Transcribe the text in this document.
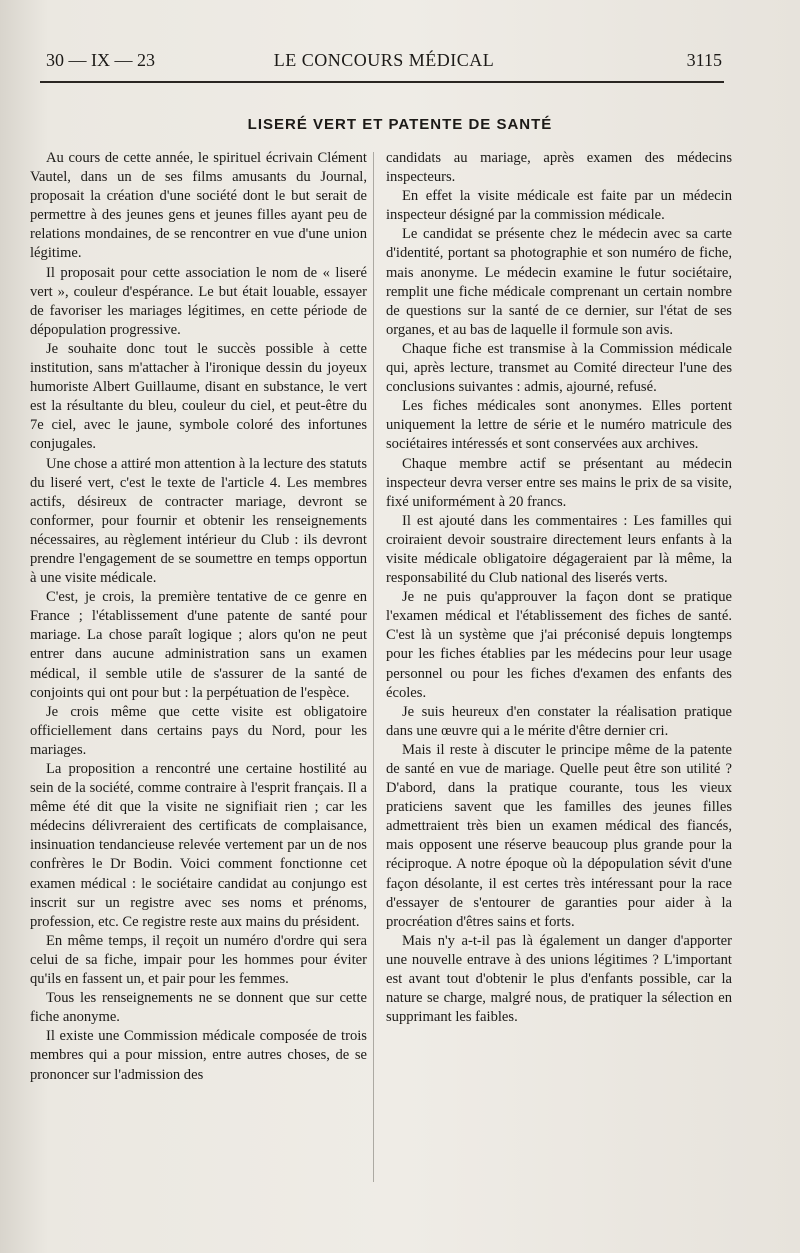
30 — IX — 23	LE CONCOURS MÉDICAL	3115
LISERÉ VERT ET PATENTE DE SANTÉ

Au cours de cette année, le spirituel écrivain Clément Vautel, dans un de ses films amusants du Journal, proposait la création d'une société dont le but serait de permettre à des jeunes gens et jeunes filles ayant peu de relations mondaines, de se rencontrer en vue d'une union légitime.

Il proposait pour cette association le nom de « liseré vert », couleur d'espérance. Le but était louable, essayer de favoriser les mariages légitimes, en cette période de dépopulation progressive.

Je souhaite donc tout le succès possible à cette institution, sans m'attacher à l'ironique dessin du joyeux humoriste Albert Guillaume, disant en substance, le vert est la résultante du bleu, couleur du ciel, et peut-être du 7e ciel, avec le jaune, symbole coloré des infortunes conjugales.

Une chose a attiré mon attention à la lecture des statuts du liseré vert, c'est le texte de l'article 4. Les membres actifs, désireux de contracter mariage, devront se conformer, pour fournir et obtenir les renseignements nécessaires, au règlement intérieur du Club : ils devront prendre l'engagement de se soumettre en temps opportun à une visite médicale.

C'est, je crois, la première tentative de ce genre en France ; l'établissement d'une patente de santé pour mariage. La chose paraît logique ; alors qu'on ne peut entrer dans aucune administration sans un examen médical, il semble utile de s'assurer de la santé de conjoints qui ont pour but : la perpétuation de l'espèce.

Je crois même que cette visite est obligatoire officiellement dans certains pays du Nord, pour les mariages.

La proposition a rencontré une certaine hostilité au sein de la société, comme contraire à l'esprit français. Il a même été dit que la visite ne signifiait rien ; car les médecins délivreraient des certificats de complaisance, insinuation tendancieuse relevée vertement par un de nos confrères le Dr Bodin. Voici comment fonctionne cet examen médical : le sociétaire candidat au conjungo est inscrit sur un registre avec ses noms et prénoms, profession, etc. Ce registre reste aux mains du président.

En même temps, il reçoit un numéro d'ordre qui sera celui de sa fiche, impair pour les hommes pour éviter qu'ils en fassent un, et pair pour les femmes.

Tous les renseignements ne se donnent que sur cette fiche anonyme.

Il existe une Commission médicale composée de trois membres qui a pour mission, entre autres choses, de se prononcer sur l'admission des

candidats au mariage, après examen des médecins inspecteurs.

En effet la visite médicale est faite par un médecin inspecteur désigné par la commission médicale.

Le candidat se présente chez le médecin avec sa carte d'identité, portant sa photographie et son numéro de fiche, mais anonyme. Le médecin examine le futur sociétaire, remplit une fiche médicale comprenant un certain nombre de questions sur la santé de ce dernier, sur l'état de ses organes, et au bas de laquelle il formule son avis.

Chaque fiche est transmise à la Commission médicale qui, après lecture, transmet au Comité directeur l'une des conclusions suivantes : admis, ajourné, refusé.

Les fiches médicales sont anonymes. Elles portent uniquement la lettre de série et le numéro matricule des sociétaires intéressés et sont conservées aux archives.

Chaque membre actif se présentant au médecin inspecteur devra verser entre ses mains le prix de sa visite, fixé uniformément à 20 francs.

Il est ajouté dans les commentaires : Les familles qui croiraient devoir soustraire directement leurs enfants à la visite médicale obligatoire dégageraient par là même, la responsabilité du Club national des liserés verts.

Je ne puis qu'approuver la façon dont se pratique l'examen médical et l'établissement des fiches de santé. C'est là un système que j'ai préconisé depuis longtemps pour les fiches établies par les médecins pour leur usage personnel ou pour les fiches d'examen des enfants des écoles.

Je suis heureux d'en constater la réalisation pratique dans une œuvre qui a le mérite d'être dernier cri.

Mais il reste à discuter le principe même de la patente de santé en vue de mariage. Quelle peut être son utilité ? D'abord, dans la pratique courante, tous les vieux praticiens savent que les familles des jeunes filles admettraient très bien un examen médical des fiancés, mais opposent une réserve beaucoup plus grande pour la réciproque. A notre époque où la dépopulation sévit d'une façon désolante, il est certes très intéressant pour la race d'essayer de s'entourer de garanties pour aider à la procréation d'êtres sains et forts.

Mais n'y a-t-il pas là également un danger d'apporter une nouvelle entrave à des unions légitimes ? L'important est avant tout d'obtenir le plus d'enfants possible, car la nature se charge, malgré nous, de pratiquer la sélection en supprimant les faibles.
